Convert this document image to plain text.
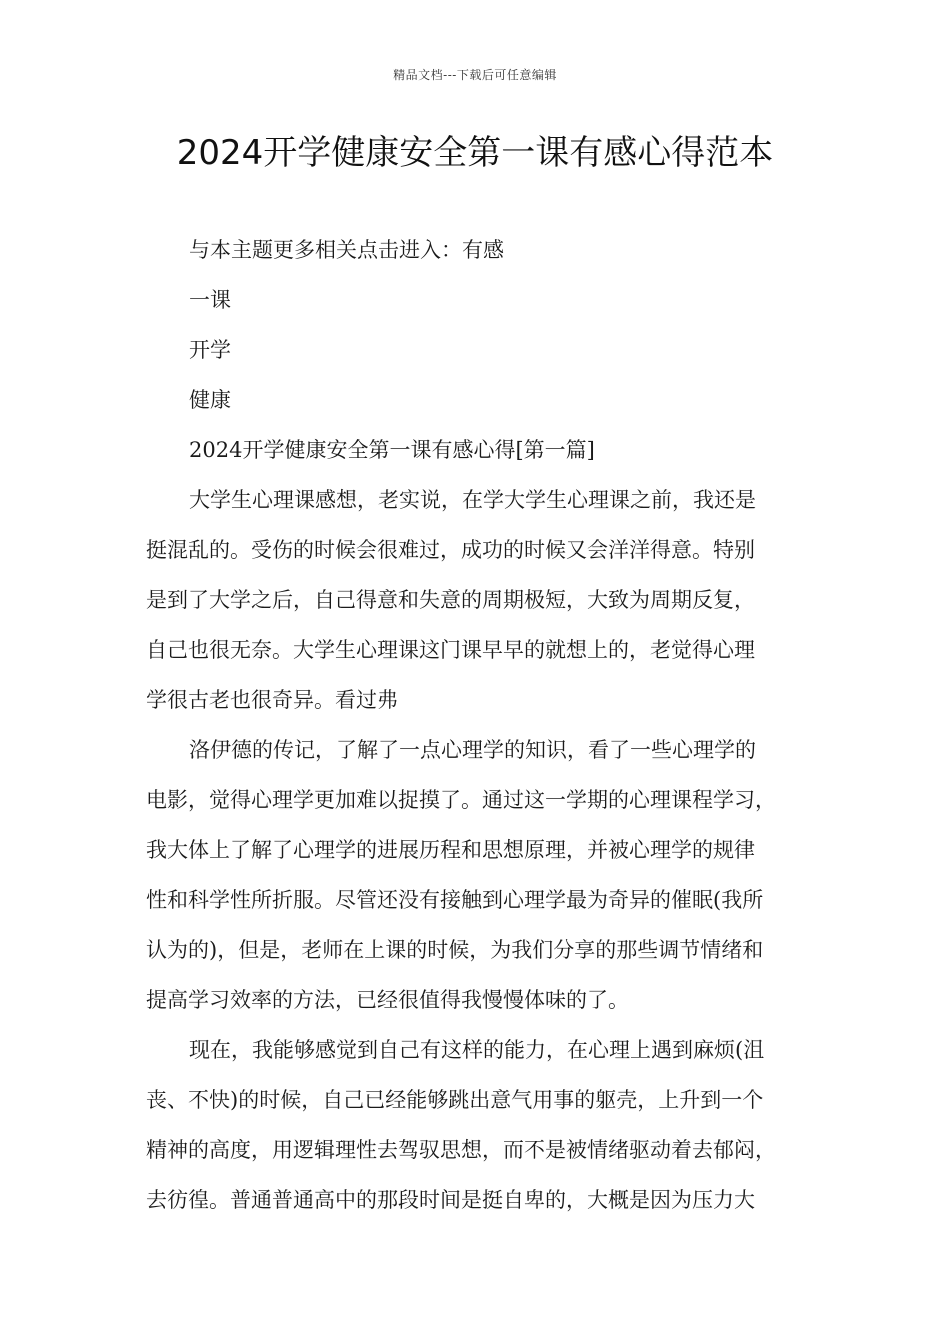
精品文档---下载后可任意编辑
2024开学健康安全第一课有感心得范本
与本主题更多相关点击进入：有感
一课
开学
健康
2024开学健康安全第一课有感心得[第一篇]
大学生心理课感想，老实说，在学大学生心理课之前，我还是
挺混乱的。受伤的时候会很难过，成功的时候又会洋洋得意。特别
是到了大学之后，自己得意和失意的周期极短，大致为周期反复，
自己也很无奈。大学生心理课这门课早早的就想上的，老觉得心理
学很古老也很奇异。看过弗
洛伊德的传记，了解了一点心理学的知识，看了一些心理学的
电影，觉得心理学更加难以捉摸了。通过这一学期的心理课程学习，
我大体上了解了心理学的进展历程和思想原理，并被心理学的规律
性和科学性所折服。尽管还没有接触到心理学最为奇异的催眠(我所
认为的)，但是，老师在上课的时候，为我们分享的那些调节情绪和
提高学习效率的方法，已经很值得我慢慢体味的了。
现在，我能够感觉到自己有这样的能力，在心理上遇到麻烦(沮
丧、不快)的时候，自己已经能够跳出意气用事的躯壳，上升到一个
精神的高度，用逻辑理性去驾驭思想，而不是被情绪驱动着去郁闷，
去彷徨。普通普通高中的那段时间是挺自卑的，大概是因为压力大
